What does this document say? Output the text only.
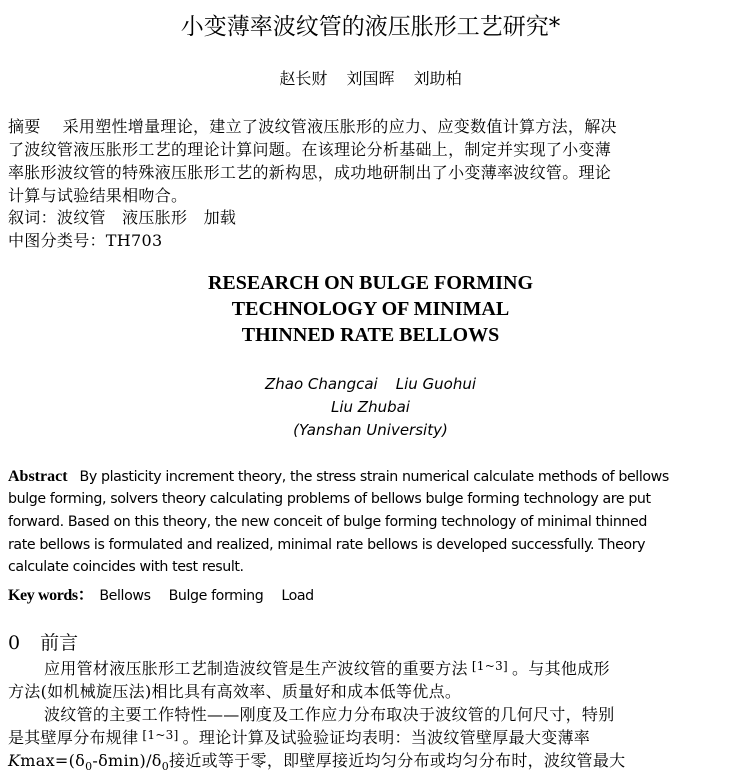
小变薄率波纹管的液压胀形工艺研究*
赵长财 刘国晖 刘助柏
摘要 采用塑性增量理论，建立了波纹管液压胀形的应力、应变数值计算方法，解决
了波纹管液压胀形工艺的理论计算问题。在该理论分析基础上，制定并实现了小变薄
率胀形波纹管的特殊液压胀形工艺的新构思，成功地研制出了小变薄率波纹管。理论
计算与试验结果相吻合。
叙词：波纹管　液压胀形　加载
中图分类号：TH703
RESEARCH ON BULGE FORMING
TECHNOLOGY OF MINIMAL
THINNED RATE BELLOWS
Zhao Changcai Liu Guohui
Liu Zhubai
(Yanshan University)
Abstract By plasticity increment theory, the stress strain numerical calculate methods of bellows
bulge forming, solvers theory calculating problems of bellows bulge forming technology are put
forward. Based on this theory, the new conceit of bulge forming technology of minimal thinned
rate bellows is formulated and realized, minimal rate bellows is developed successfully. Theory
calculate coincides with test result.
Key words： Bellows Bulge forming Load
0 前言
应用管材液压胀形工艺制造波纹管是生产波纹管的重要方法 [1~3] 。与其他成形
方法(如机械旋压法)相比具有高效率、质量好和成本低等优点。
波纹管的主要工作特性——刚度及工作应力分布取决于波纹管的几何尺寸，特别
是其壁厚分布规律 [1~3] 。理论计算及试验验证均表明：当波纹管壁厚最大变薄率
$Kmax=(\delta_0-\delta\min)/\delta_0$接近或等于零，即壁厚接近均匀分布或均匀分布时，波纹管最大
